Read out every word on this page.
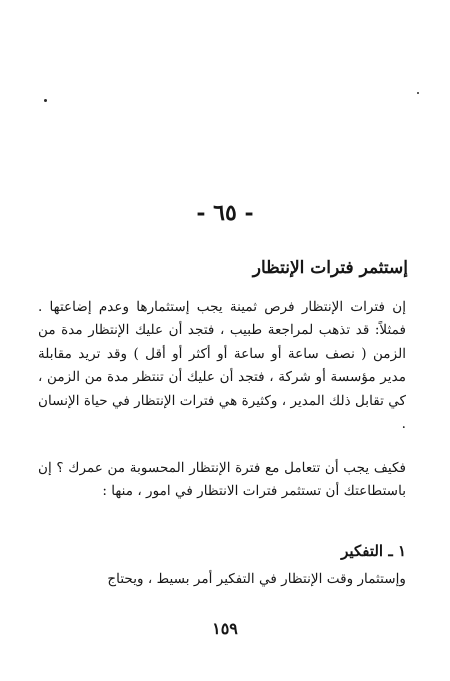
- ٦٥ -
إستثمر فترات الإنتظار
إن فترات الإنتظار فرص ثمينة يجب إستثمارها وعدم إضاعتها . فمثلاً: قد تذهب لمراجعة طبيب ، فتجد أن عليك الإنتظار مدة من الزمن ( نصف ساعة أو ساعة أو أكثر أو أقل ) وقد تريد مقابلة مدير مؤسسة أو شركة ، فتجد أن عليك أن تنتظر مدة من الزمن ، كي تقابل ذلك المدير ، وكثيرة هي فترات الإنتظار في حياة الإنسان .
فكيف يجب أن تتعامل مع فترة الإنتظار المحسوبة من عمرك ؟ إن باستطاعتك أن تستثمر فترات الانتظار في امور ، منها :
١ ـ التفكير
وإستثمار وقت الإنتظار في التفكير أمر بسيط ، ويحتاج
١٥٩
